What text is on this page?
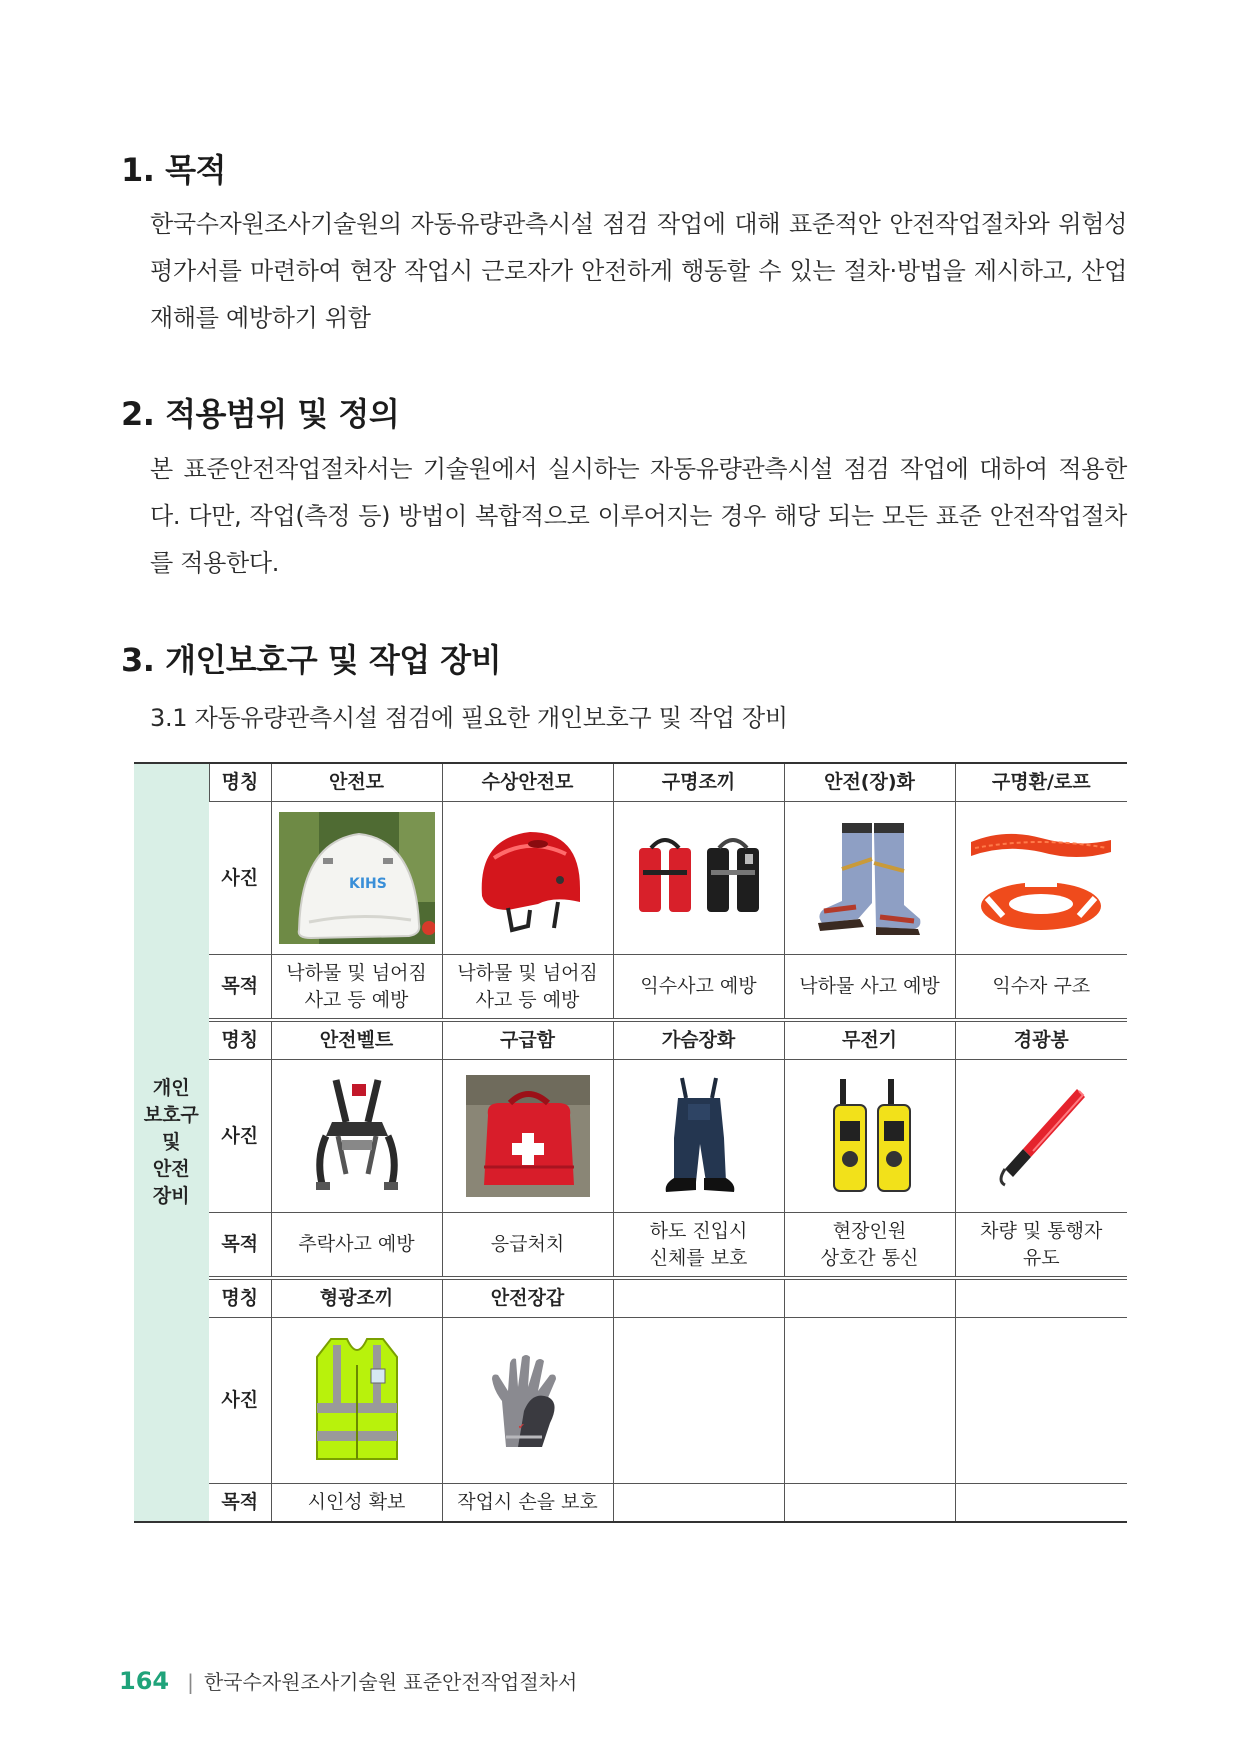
1. 목적

한국수자원조사기술원의 자동유량관측시설 점검 작업에 대해 표준적안 안전작업절차와 위험성평가서를 마련하여 현장 작업시 근로자가 안전하게 행동할 수 있는 절차·방법을 제시하고, 산업재해를 예방하기 위함

2. 적용범위 및 정의

본 표준안전작업절차서는 기술원에서 실시하는 자동유량관측시설 점검 작업에 대하여 적용한다. 다만, 작업(측정 등) 방법이 복합적으로 이루어지는 경우 해당 되는 모든 표준 안전작업절차를 적용한다.

3. 개인보호구 및 작업 장비

3.1 자동유량관측시설 점검에 필요한 개인보호구 및 작업 장비

개인
보호구
및
안전
장비	명칭	안전모	수상안전모	구명조끼	안전(장)화	구명환/로프
	사진	KIHS

	목적	낙하물 및 넘어짐
사고 등 예방	낙하물 및 넘어짐
사고 등 예방	익수사고 예방	낙하물 사고 예방	익수자 구조
	명칭	안전벨트	구급함	가슴장화	무전기	경광봉
	사진	

	목적	추락사고 예방	응급처치	하도 진입시
신체를 보호	현장인원
상호간 통신	차량 및 통행자
유도
	명칭	형광조끼	안전장갑			
	사진		✔			

	목적	시인성 확보	작업시 손을 보호			
164 | 한국수자원조사기술원 표준안전작업절차서
